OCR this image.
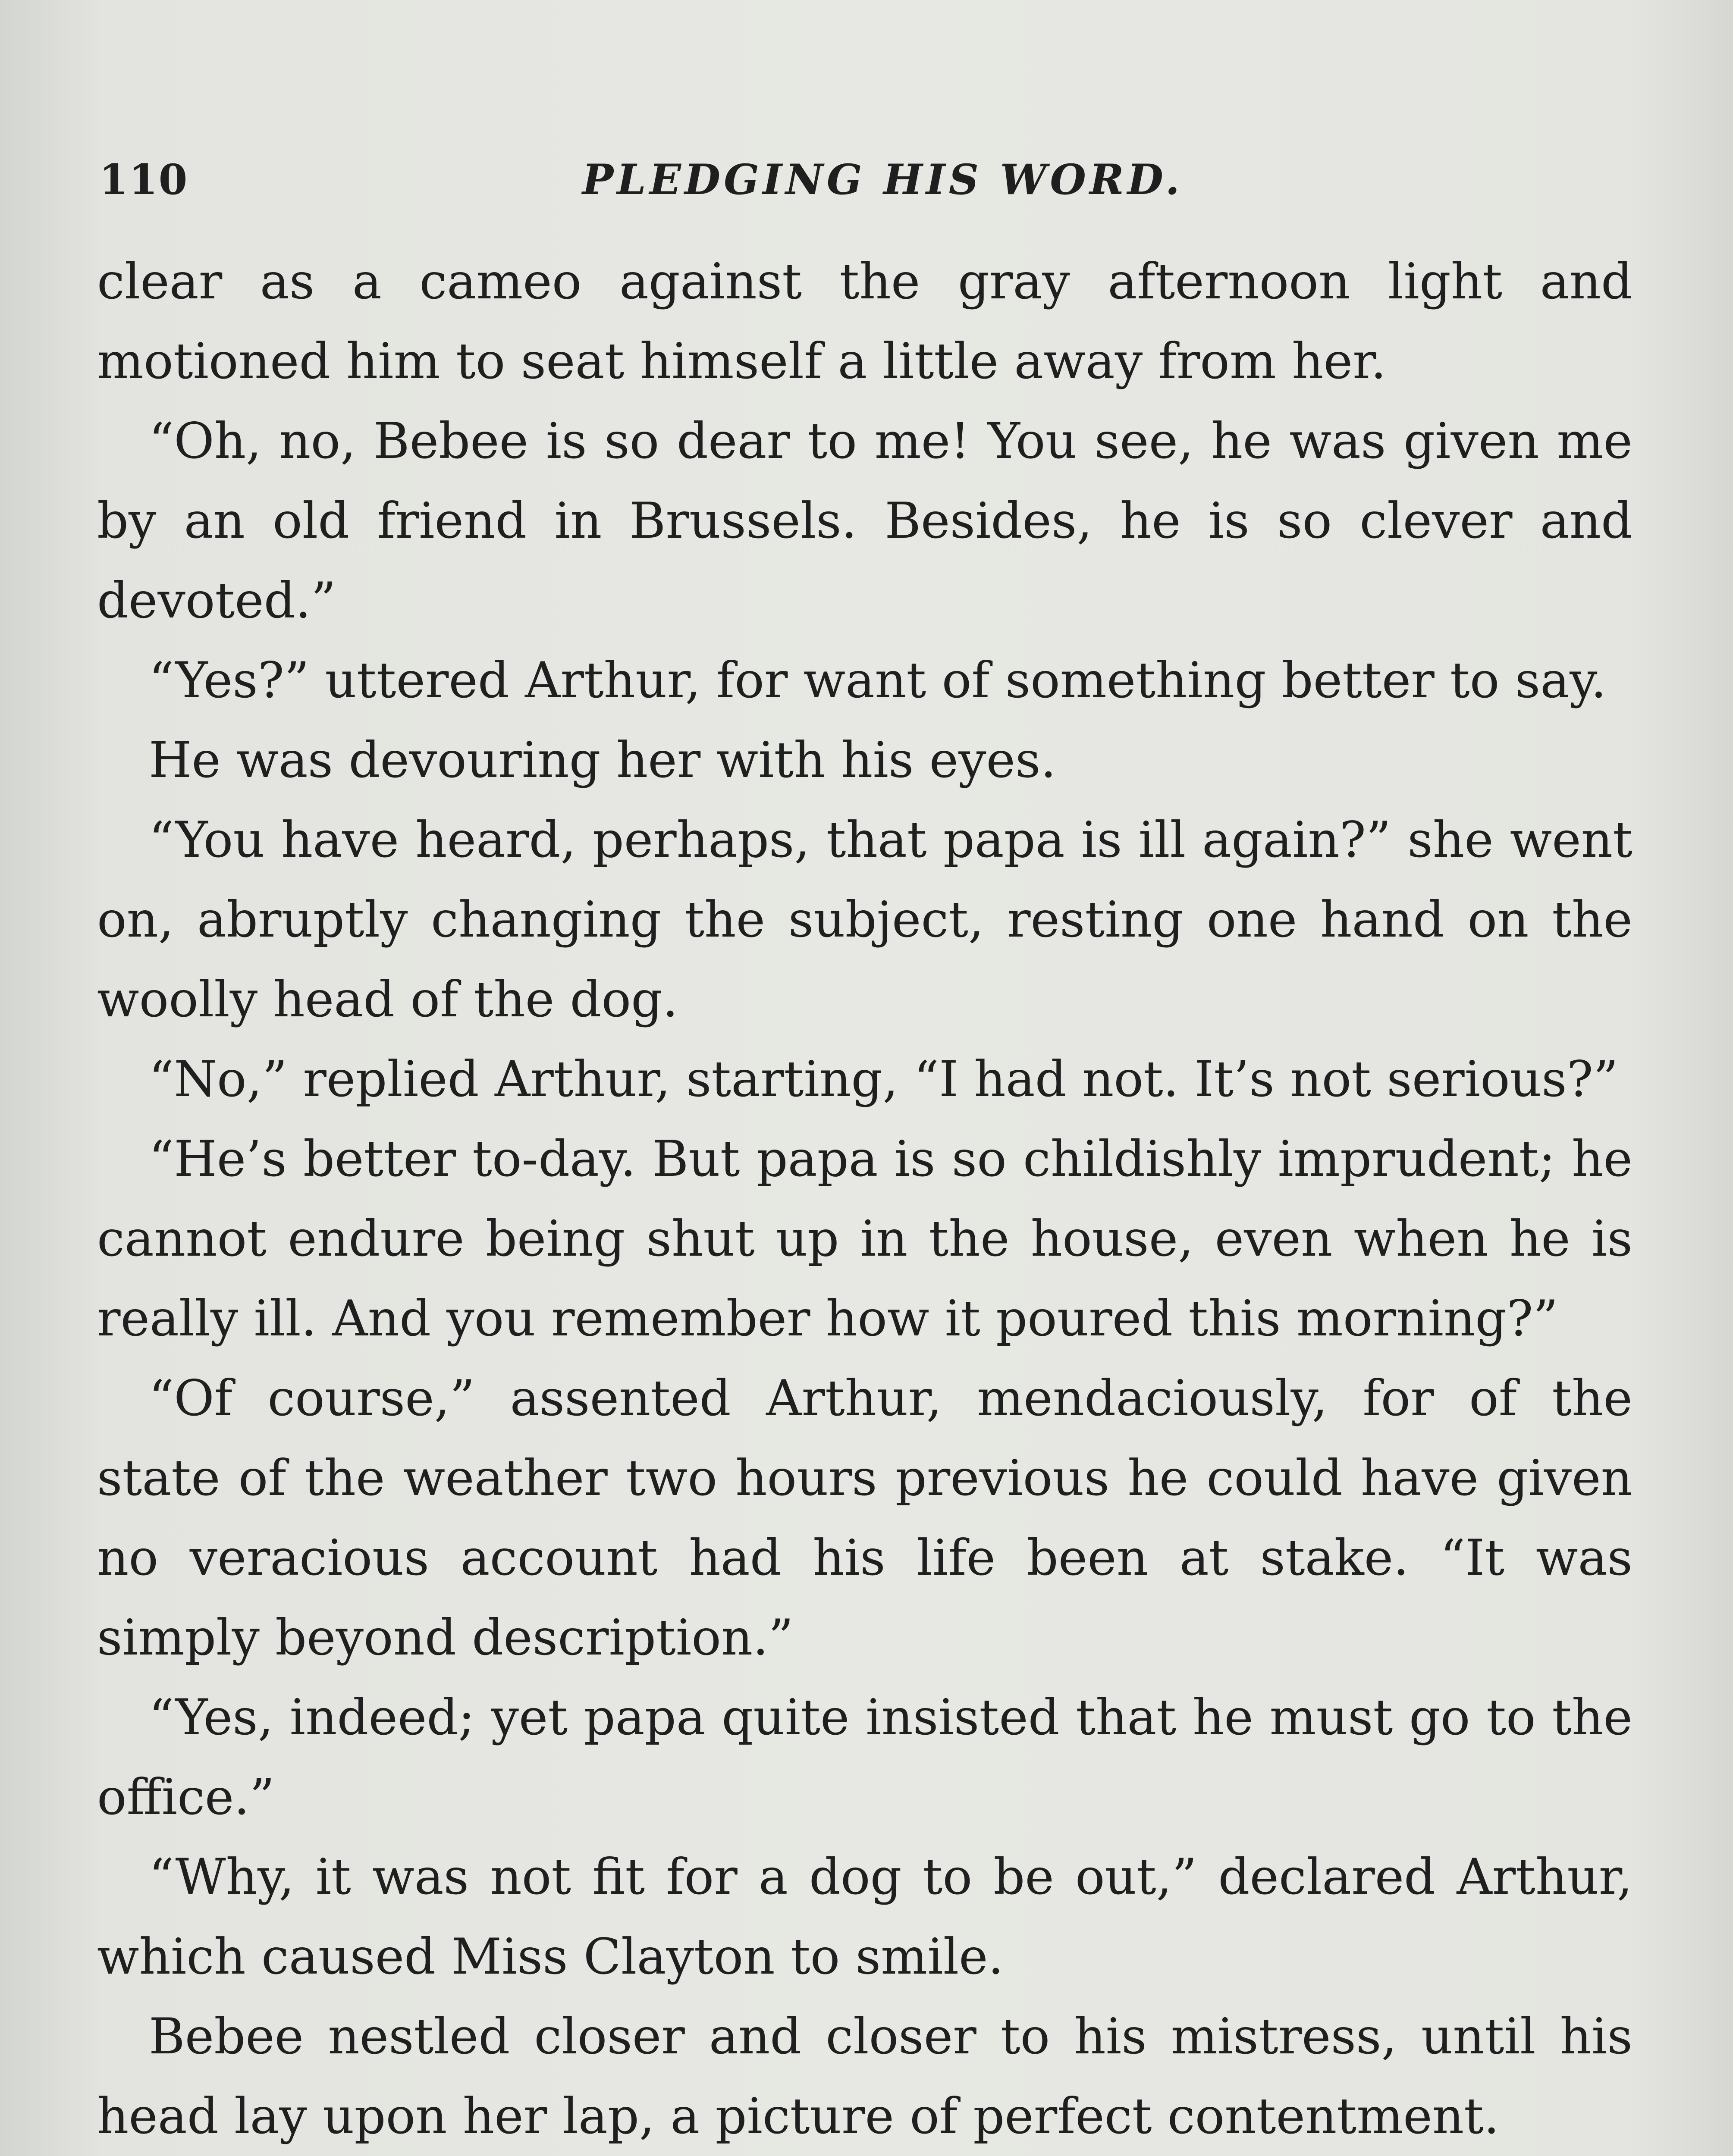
110	PLEDGING HIS WORD.

clear as a cameo against the gray afternoon light and motioned him to seat himself a little away from her.

“Oh, no, Bebee is so dear to me! You see, he was given me by an old friend in Brussels. Besides, he is so clever and devoted.”

“Yes?” uttered Arthur, for want of something better to say.

He was devouring her with his eyes.

“You have heard, perhaps, that papa is ill again?” she went on, abruptly changing the subject, resting one hand on the woolly head of the dog.

“No,” replied Arthur, starting, “I had not. It’s not serious?”

“He’s better to-day. But papa is so childishly imprudent; he cannot endure being shut up in the house, even when he is really ill. And you remember how it poured this morning?”

“Of course,” assented Arthur, mendaciously, for of the state of the weather two hours previous he could have given no veracious account had his life been at stake. “It was simply beyond description.”

“Yes, indeed; yet papa quite insisted that he must go to the office.”

“Why, it was not fit for a dog to be out,” declared Arthur, which caused Miss Clayton to smile.

Bebee nestled closer and closer to his mistress, until his head lay upon her lap, a picture of perfect contentment.
